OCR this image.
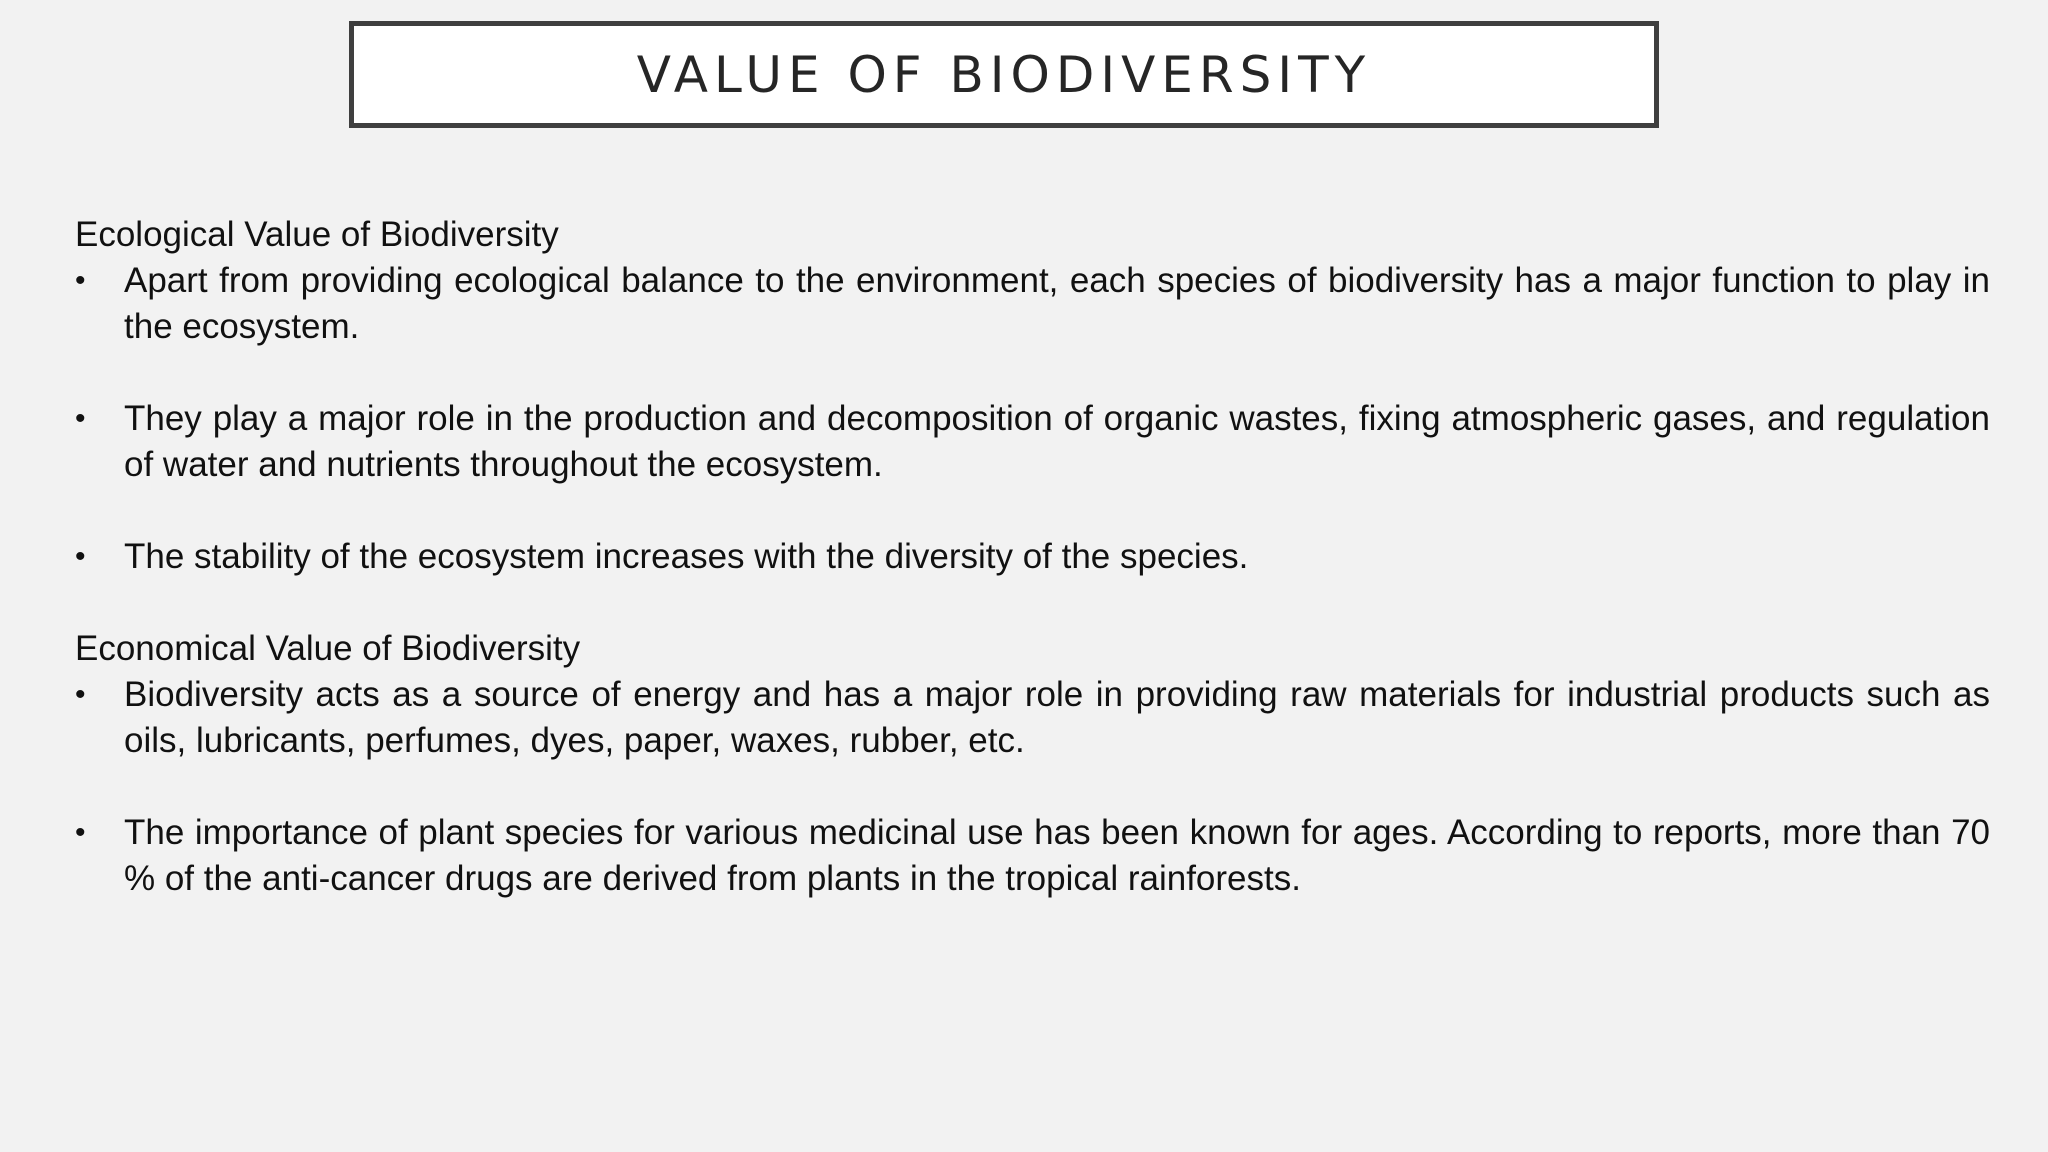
VALUE OF BIODIVERSITY
Ecological Value of Biodiversity
•	Apart from providing ecological balance to the environment, each species of biodiversity has a major function to play in the ecosystem.
•	They play a major role in the production and decomposition of organic wastes, fixing atmospheric gases, and regulation of water and nutrients throughout the ecosystem.
•	The stability of the ecosystem increases with the diversity of the species.
Economical Value of Biodiversity
•	Biodiversity acts as a source of energy and has a major role in providing raw materials for industrial products such as oils, lubricants, perfumes, dyes, paper, waxes, rubber, etc.
•	The importance of plant species for various medicinal use has been known for ages. According to reports, more than 70 % of the anti-cancer drugs are derived from plants in the tropical rainforests.
